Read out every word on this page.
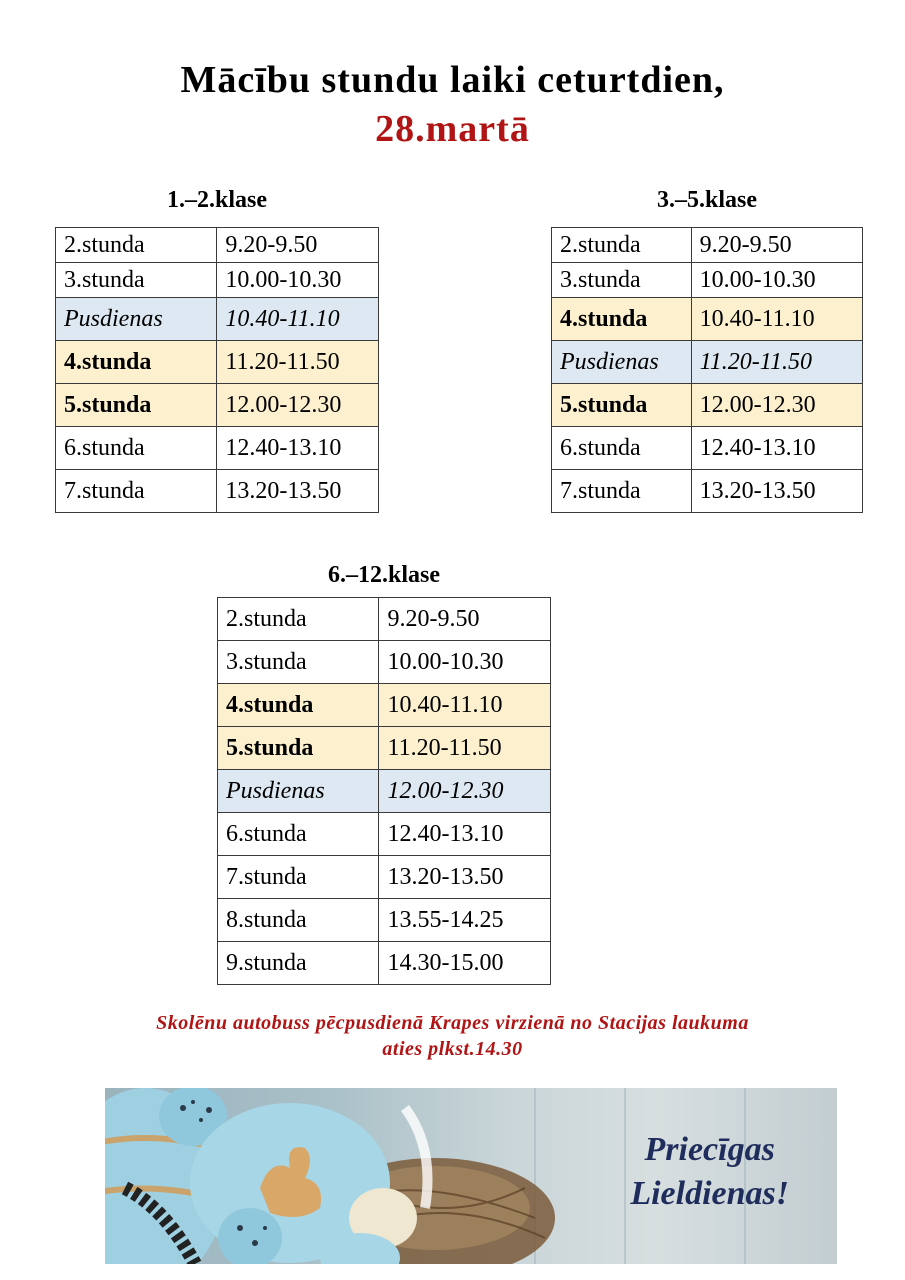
Mācību stundu laiki ceturtdien,
28.martā
1.–2.klase
2.stunda	9.20-9.50
3.stunda	10.00-10.30
Pusdienas	10.40-11.10
4.stunda	11.20-11.50
5.stunda	12.00-12.30
6.stunda	12.40-13.10
7.stunda	13.20-13.50
3.–5.klase
2.stunda	9.20-9.50
3.stunda	10.00-10.30
4.stunda	10.40-11.10
Pusdienas	11.20-11.50
5.stunda	12.00-12.30
6.stunda	12.40-13.10
7.stunda	13.20-13.50
6.–12.klase
2.stunda	9.20-9.50
3.stunda	10.00-10.30
4.stunda	10.40-11.10
5.stunda	11.20-11.50
Pusdienas	12.00-12.30
6.stunda	12.40-13.10
7.stunda	13.20-13.50
8.stunda	13.55-14.25
9.stunda	14.30-15.00
Skolēnu autobuss pēcpusdienā Krapes virzienā no Stacijas laukuma
aties plkst.14.30
Priecīgas
Lieldienas!
